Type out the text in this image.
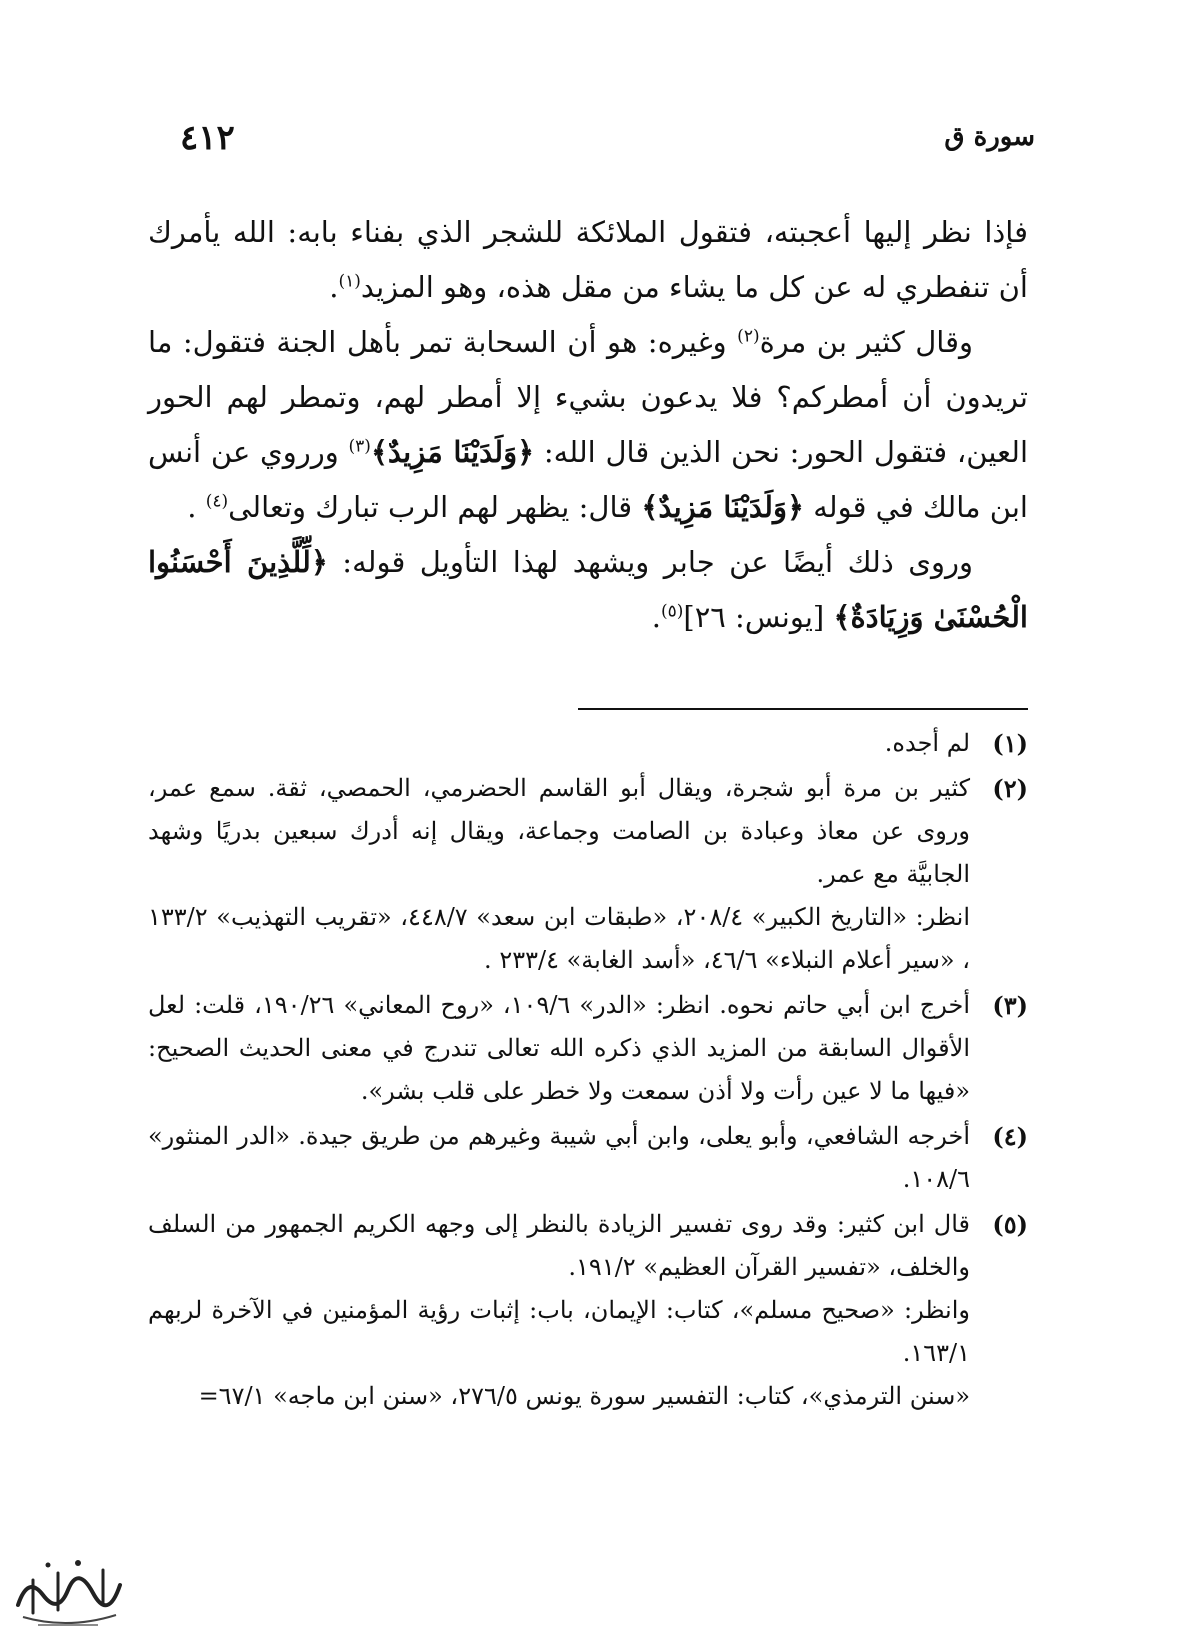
٤١٢	سورة ق

فإذا نظر إليها أعجبته، فتقول الملائكة للشجر الذي بفناء بابه: الله يأمرك أن تنفطري له عن كل ما يشاء من مقل هذه، وهو المزيد$^{(١)}$.

وقال كثير بن مرة$^{(٢)}$ وغيره: هو أن السحابة تمر بأهل الجنة فتقول: ما تريدون أن أمطركم؟ فلا يدعون بشيء إلا أمطر لهم، وتمطر لهم الحور العين، فتقول الحور: نحن الذين قال الله: ﴿وَلَدَيْنَا مَزِيدٌ﴾$^{(٣)}$ ورروي عن أنس ابن مالك في قوله ﴿وَلَدَيْنَا مَزِيدٌ﴾ قال: يظهر لهم الرب تبارك وتعالى$^{(٤)}$ .

وروى ذلك أيضًا عن جابر ويشهد لهذا التأويل قوله: ﴿لِّلَّذِينَ أَحْسَنُوا الْحُسْنَىٰ وَزِيَادَةٌ﴾ [يونس: ٢٦]$^{(٥)}$.

(١)

لم أجده.

(٢)

كثير بن مرة أبو شجرة، ويقال أبو القاسم الحضرمي، الحمصي، ثقة. سمع عمر، وروى عن معاذ وعبادة بن الصامت وجماعة، ويقال إنه أدرك سبعين بدريًا وشهد الجابيَّة مع عمر.

انظر: «التاريخ الكبير» ٢٠٨/٤، «طبقات ابن سعد» ٤٤٨/٧، «تقريب التهذيب» ١٣٣/٢ ، «سير أعلام النبلاء» ٤٦/٦، «أسد الغابة» ٢٣٣/٤ .

(٣)

أخرج ابن أبي حاتم نحوه. انظر: «الدر» ١٠٩/٦، «روح المعاني» ١٩٠/٢٦، قلت: لعل الأقوال السابقة من المزيد الذي ذكره الله تعالى تندرج في معنى الحديث الصحيح: «فيها ما لا عين رأت ولا أذن سمعت ولا خطر على قلب بشر».

(٤)

أخرجه الشافعي، وأبو يعلى، وابن أبي شيبة وغيرهم من طريق جيدة. «الدر المنثور» ١٠٨/٦.

(٥)

قال ابن كثير: وقد روى تفسير الزيادة بالنظر إلى وجهه الكريم الجمهور من السلف والخلف، «تفسير القرآن العظيم» ١٩١/٢.

وانظر: «صحيح مسلم»، كتاب: الإيمان، باب: إثبات رؤية المؤمنين في الآخرة لربهم ١٦٣/١.

«سنن الترمذي»، كتاب: التفسير سورة يونس ٢٧٦/٥، «سنن ابن ماجه» ٦٧/١=
